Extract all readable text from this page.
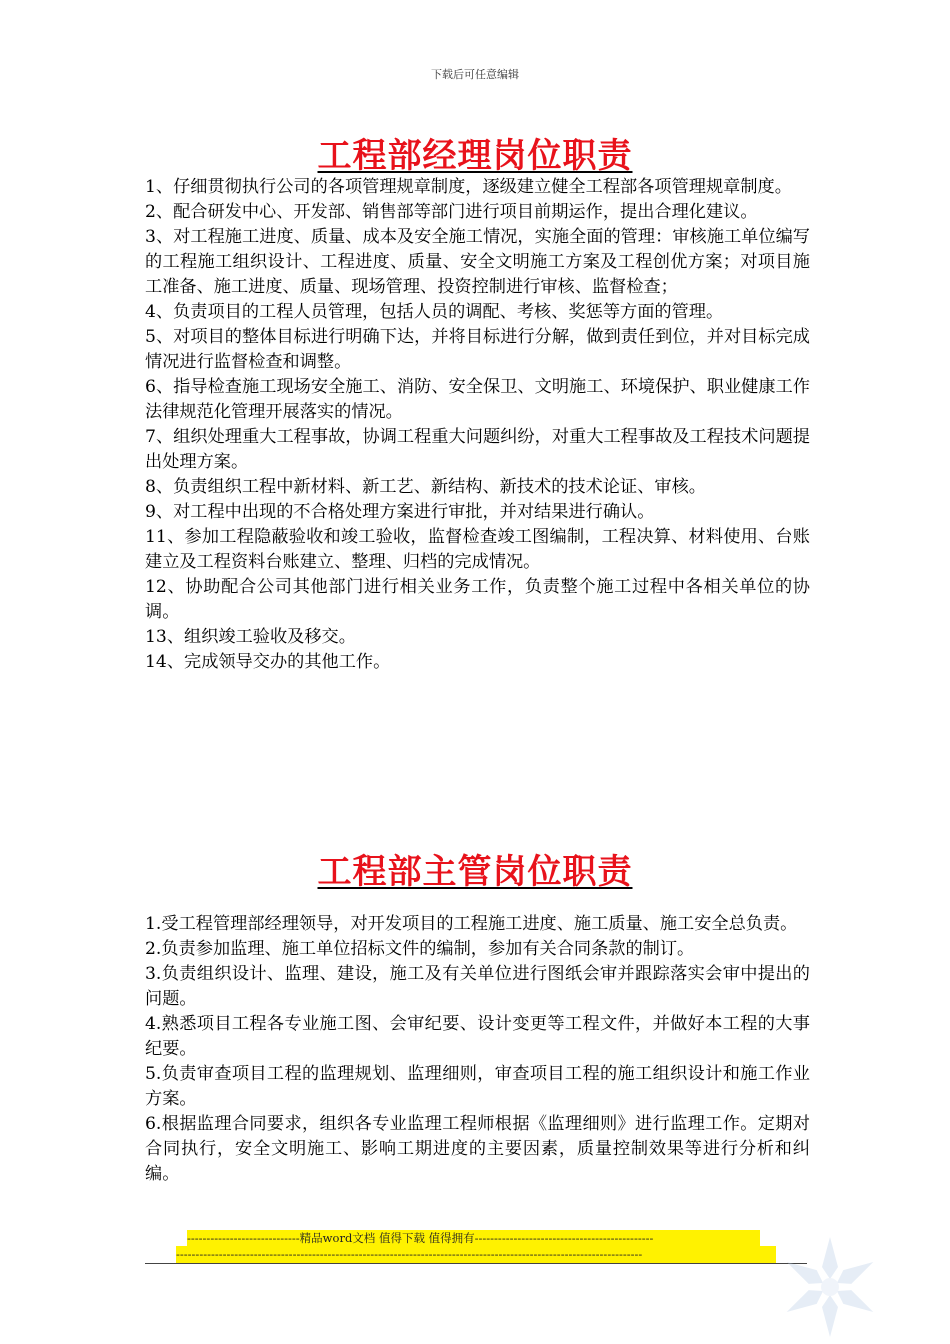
下载后可任意编辑
工程部经理岗位职责
1、仔细贯彻执行公司的各项管理规章制度，逐级建立健全工程部各项管理规章制度。
2、配合研发中心、开发部、销售部等部门进行项目前期运作，提出合理化建议。
3、对工程施工进度、质量、成本及安全施工情况，实施全面的管理：审核施工单位编写的工程施工组织设计、工程进度、质量、安全文明施工方案及工程创优方案；对项目施工准备、施工进度、质量、现场管理、投资控制进行审核、监督检查；
4、负责项目的工程人员管理，包括人员的调配、考核、奖惩等方面的管理。
5、对项目的整体目标进行明确下达，并将目标进行分解，做到责任到位，并对目标完成情况进行监督检查和调整。
6、指导检查施工现场安全施工、消防、安全保卫、文明施工、环境保护、职业健康工作法律规范化管理开展落实的情况。
7、组织处理重大工程事故，协调工程重大问题纠纷，对重大工程事故及工程技术问题提出处理方案。
8、负责组织工程中新材料、新工艺、新结构、新技术的技术论证、审核。
9、对工程中出现的不合格处理方案进行审批，并对结果进行确认。
11、参加工程隐蔽验收和竣工验收，监督检查竣工图编制，工程决算、材料使用、台账建立及工程资料台账建立、整理、归档的完成情况。
12、协助配合公司其他部门进行相关业务工作，负责整个施工过程中各相关单位的协调。
13、组织竣工验收及移交。
14、完成领导交办的其他工作。
工程部主管岗位职责
1.受工程管理部经理领导，对开发项目的工程施工进度、施工质量、施工安全总负责。
2.负责参加监理、施工单位招标文件的编制，参加有关合同条款的制订。
3.负责组织设计、监理、建设，施工及有关单位进行图纸会审并跟踪落实会审中提出的问题。
4.熟悉项目工程各专业施工图、会审纪要、设计变更等工程文件，并做好本工程的大事纪要。
5.负责审查项目工程的监理规划、监理细则，审查项目工程的施工组织设计和施工作业方案。
6.根据监理合同要求，组织各专业监理工程师根据《监理细则》进行监理工作。定期对合同执行，安全文明施工、影响工期进度的主要因素，质量控制效果等进行分析和纠编。
-----------------------------精品word文档 值得下载 值得拥有----------------------------------------------
------------------------------------------------------------------------------------------------------------------------
